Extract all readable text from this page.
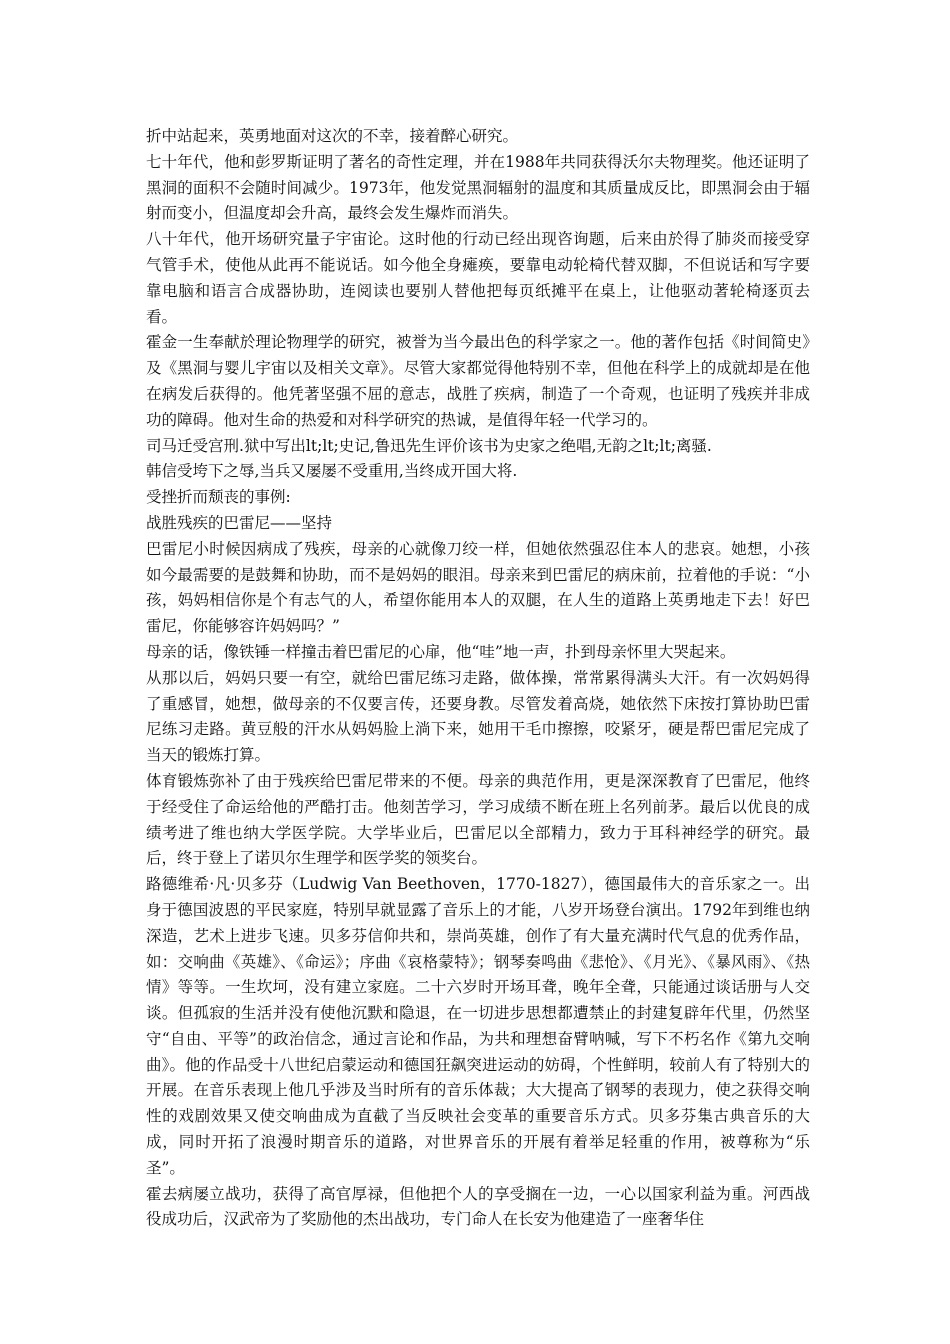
折中站起来，英勇地面对这次的不幸，接着醉心研究。

七十年代，他和彭罗斯证明了著名的奇性定理，并在1988年共同获得沃尔夫物理奖。他还证明了黑洞的面积不会随时间减少。1973年，他发觉黑洞辐射的温度和其质量成反比，即黑洞会由于辐射而变小，但温度却会升高，最终会发生爆炸而消失。

八十年代，他开场研究量子宇宙论。这时他的行动已经出现咨询题，后来由於得了肺炎而接受穿气管手术，使他从此再不能说话。如今他全身瘫痪，要靠电动轮椅代替双脚，不但说话和写字要靠电脑和语言合成器协助，连阅读也要别人替他把每页纸摊平在桌上，让他驱动著轮椅逐页去看。

霍金一生奉献於理论物理学的研究，被誉为当今最出色的科学家之一。他的著作包括《时间简史》及《黑洞与婴儿宇宙以及相关文章》。尽管大家都觉得他特别不幸，但他在科学上的成就却是在他在病发后获得的。他凭著坚强不屈的意志，战胜了疾病，制造了一个奇观，也证明了残疾并非成功的障碍。他对生命的热爱和对科学研究的热诚，是值得年轻一代学习的。

司马迁受宫刑.狱中写出lt;lt;史记,鲁迅先生评价该书为史家之绝唱,无韵之lt;lt;离骚.

韩信受垮下之辱,当兵又屡屡不受重用,当终成开国大将.

受挫折而颓丧的事例:

战胜残疾的巴雷尼——坚持

巴雷尼小时候因病成了残疾，母亲的心就像刀绞一样，但她依然强忍住本人的悲哀。她想，小孩如今最需要的是鼓舞和协助，而不是妈妈的眼泪。母亲来到巴雷尼的病床前，拉着他的手说：“小孩，妈妈相信你是个有志气的人，希望你能用本人的双腿，在人生的道路上英勇地走下去！好巴雷尼，你能够容许妈妈吗？”

母亲的话，像铁锤一样撞击着巴雷尼的心扉，他“哇”地一声，扑到母亲怀里大哭起来。

从那以后，妈妈只要一有空，就给巴雷尼练习走路，做体操，常常累得满头大汗。有一次妈妈得了重感冒，她想，做母亲的不仅要言传，还要身教。尽管发着高烧，她依然下床按打算协助巴雷尼练习走路。黄豆般的汗水从妈妈脸上淌下来，她用干毛巾擦擦，咬紧牙，硬是帮巴雷尼完成了当天的锻炼打算。

体育锻炼弥补了由于残疾给巴雷尼带来的不便。母亲的典范作用，更是深深教育了巴雷尼，他终于经受住了命运给他的严酷打击。他刻苦学习，学习成绩不断在班上名列前茅。最后以优良的成绩考进了维也纳大学医学院。大学毕业后，巴雷尼以全部精力，致力于耳科神经学的研究。最后，终于登上了诺贝尔生理学和医学奖的领奖台。

路德维希·凡·贝多芬（Ludwig Van Beethoven，1770-1827），德国最伟大的音乐家之一。出身于德国波恩的平民家庭，特别早就显露了音乐上的才能，八岁开场登台演出。1792年到维也纳深造，艺术上进步飞速。贝多芬信仰共和，崇尚英雄，创作了有大量充满时代气息的优秀作品，如：交响曲《英雄》、《命运》；序曲《哀格蒙特》；钢琴奏鸣曲《悲怆》、《月光》、《暴风雨》、《热情》等等。一生坎坷，没有建立家庭。二十六岁时开场耳聋，晚年全聋，只能通过谈话册与人交谈。但孤寂的生活并没有使他沉默和隐退，在一切进步思想都遭禁止的封建复辟年代里，仍然坚守“自由、平等”的政治信念，通过言论和作品，为共和理想奋臂呐喊，写下不朽名作《第九交响曲》。他的作品受十八世纪启蒙运动和德国狂飙突进运动的妨碍，个性鲜明，较前人有了特别大的开展。在音乐表现上他几乎涉及当时所有的音乐体裁；大大提高了钢琴的表现力，使之获得交响性的戏剧效果又使交响曲成为直截了当反映社会变革的重要音乐方式。贝多芬集古典音乐的大成，同时开拓了浪漫时期音乐的道路，对世界音乐的开展有着举足轻重的作用，被尊称为“乐圣”。

霍去病屡立战功，获得了高官厚禄，但他把个人的享受搁在一边，一心以国家利益为重。河西战役成功后，汉武帝为了奖励他的杰出战功，专门命人在长安为他建造了一座奢华住
